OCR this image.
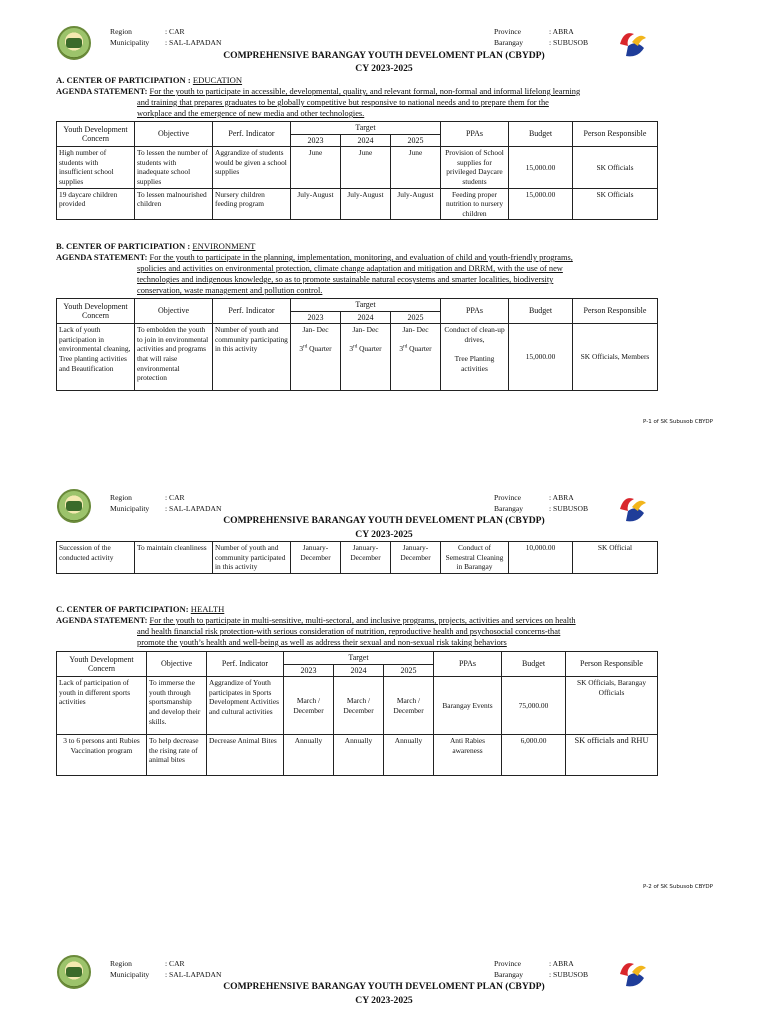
Region	: CAR
Municipality	: SAL-LAPADAN
Province	: ABRA
Barangay	: SUBUSOB
COMPREHENSIVE BARANGAY YOUTH DEVELOMENT PLAN (CBYDP)
CY 2023-2025
A. CENTER OF PARTICIPATION : EDUCATION
AGENDA STATEMENT: For the youth to participate in accessible, developmental, quality, and relevant formal, non-formal and informal lifelong learning
and training that prepares graduates to be globally competitive but responsive to national needs and to prepare them for the
workplace and the emergence of new media and other technologies.
Youth Development Concern	Objective	Perf. Indicator	Target			PPAs	Budget	Person Responsible
			2023	2024	2025			
High number of students with insufficient school supplies	To lessen the number of students with inadequate school supplies	Aggrandize of students would be given a school supplies	June	June	June	Provision of School supplies for privileged Daycare students	15,000.00	SK Officials
19 daycare children provided	To lessen malnourished children	Nursery children feeding program	July-August	July-August	July-August	Feeding proper nutrition to nursery children	15,000.00	SK Officials
B. CENTER OF PARTICIPATION : ENVIRONMENT
AGENDA STATEMENT: For the youth to participate in the planning, implementation, monitoring, and evaluation of child and youth-friendly programs,
spolicies and activities on environmental protection, climate change adaptation and mitigation and DRRM, with the use of new
technologies and indigenous knowledge, so as to promote sustainable natural ecosystems and smarter localities, biodiversity
conservation, waste management and pollution control.
Youth Development Concern	Objective	Perf. Indicator	Target			PPAs	Budget	Person Responsible
			2023	2024	2025			
Lack of youth participation in environmental cleaning, Tree planting activities and Beautification	To embolden the youth to join in environmental activities and programs that will raise environmental protection	Number of youth and community participating in this activity	Jan- Dec

3rd Quarter	Jan- Dec

3rd Quarter	Jan- Dec

3rd Quarter	Conduct of clean-up drives,

Tree Planting activities	15,000.00	SK Officials, Members
P-1 of SK Subusob CBYDP
Region	: CAR
Municipality	: SAL-LAPADAN
Province	: ABRA
Barangay	: SUBUSOB
COMPREHENSIVE BARANGAY YOUTH DEVELOMENT PLAN (CBYDP)
CY 2023-2025
Succession of the conducted activity	To maintain cleanliness	Number of youth and community participated in this activity	January-December	January-December	January-December	Conduct of Semestral Cleaning in Barangay	10,000.00	SK Official
C. CENTER OF PARTICIPATION: HEALTH
AGENDA STATEMENT: For the youth to participate in multi-sensitive, multi-sectoral, and inclusive programs, projects, activities and services on health
and health financial risk protection-with serious consideration of nutrition, reproductive health and psychosocial concerns-that
promote the youth’s health and well-being as well as address their sexual and non-sexual risk taking behaviors
Youth Development Concern	Objective	Perf. Indicator	Target			PPAs	Budget	Person Responsible
			2023	2024	2025			
Lack of participation of youth in different sports activities	To immerse the youth through sportsmanship and develop their skills.	Aggrandize of Youth participates in Sports Development Activities and cultural activities	March / December	March / December	March / December	Barangay Events	75,000.00	SK Officials, Barangay Officials
3 to 6 persons anti Rubies Vaccination program	To help decrease the rising rate of animal bites	Decrease Animal Bites	Annually	Annually	Annually	Anti Rabies awareness	6,000.00	SK officials and RHU
P-2 of SK Subusob CBYDP
Region	: CAR
Municipality	: SAL-LAPADAN
Province	: ABRA
Barangay	: SUBUSOB
COMPREHENSIVE BARANGAY YOUTH DEVELOMENT PLAN (CBYDP)
CY 2023-2025
